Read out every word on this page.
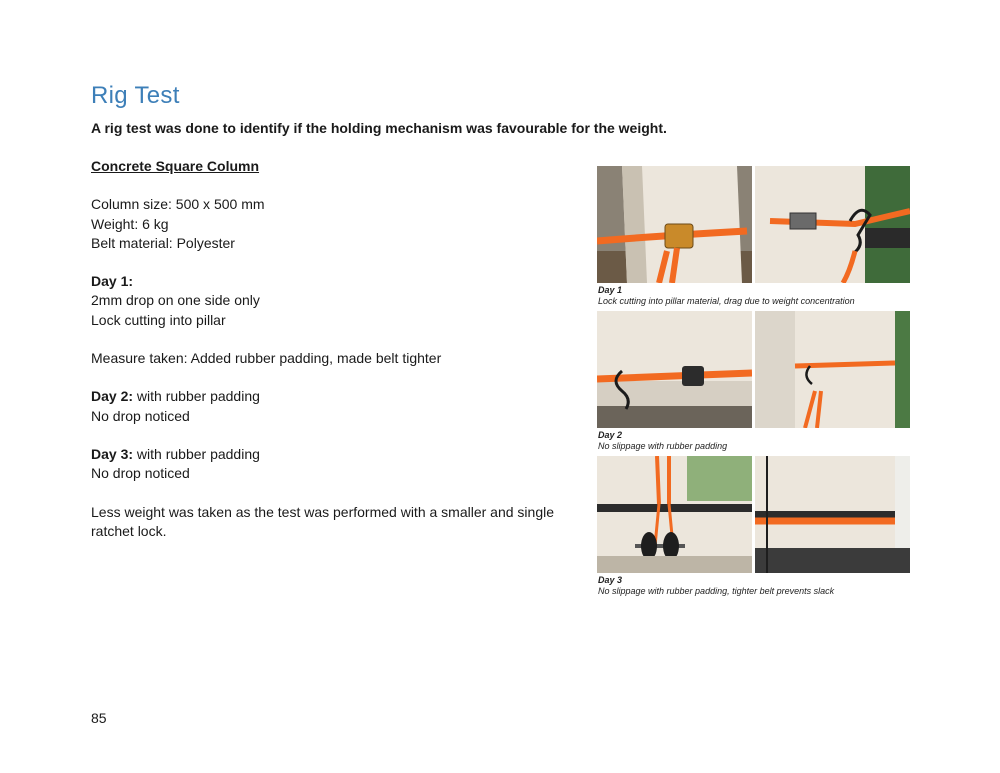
Rig Test

A rig test was done to identify if the holding mechanism was favourable for the weight.

Concrete Square Column

Column size: 500 x 500 mm

Weight: 6 kg

Belt material: Polyester

Day 1:

2mm drop on one side only

Lock cutting into pillar

Measure taken: Added rubber padding, made belt tighter

Day 2: with rubber padding

No drop noticed

Day 3: with rubber padding

No drop noticed

Less weight was taken as the test was performed with a smaller and single ratchet lock.

Day 1
Lock cutting into pillar material, drag due to weight concentration
Day 2
No slippage with rubber padding
Day 3
No slippage with rubber padding, tighter belt prevents slack
85
